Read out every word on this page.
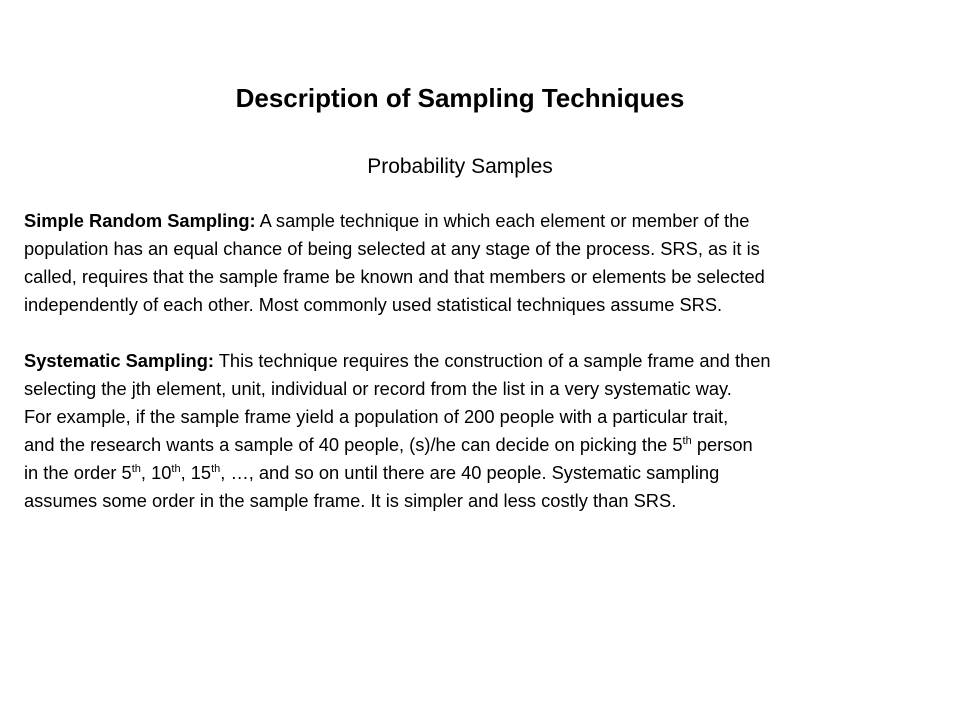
Description of Sampling Techniques
Probability Samples
Simple Random Sampling: A sample technique in which each element or member of the
population has an equal chance of being selected at any stage of the process. SRS, as it is
called, requires that the sample frame be known and that members or elements be selected
independently of each other. Most commonly used statistical techniques assume SRS.
Systematic Sampling: This technique requires the construction of a sample frame and then
selecting the jth element, unit, individual or record from the list in a very systematic way.
For example, if the sample frame yield a population of 200 people with a particular trait,
and the research wants a sample of 40 people, (s)/he can decide on picking the 5th person
in the order 5th, 10th, 15th, …, and so on until there are 40 people. Systematic sampling
assumes some order in the sample frame. It is simpler and less costly than SRS.
